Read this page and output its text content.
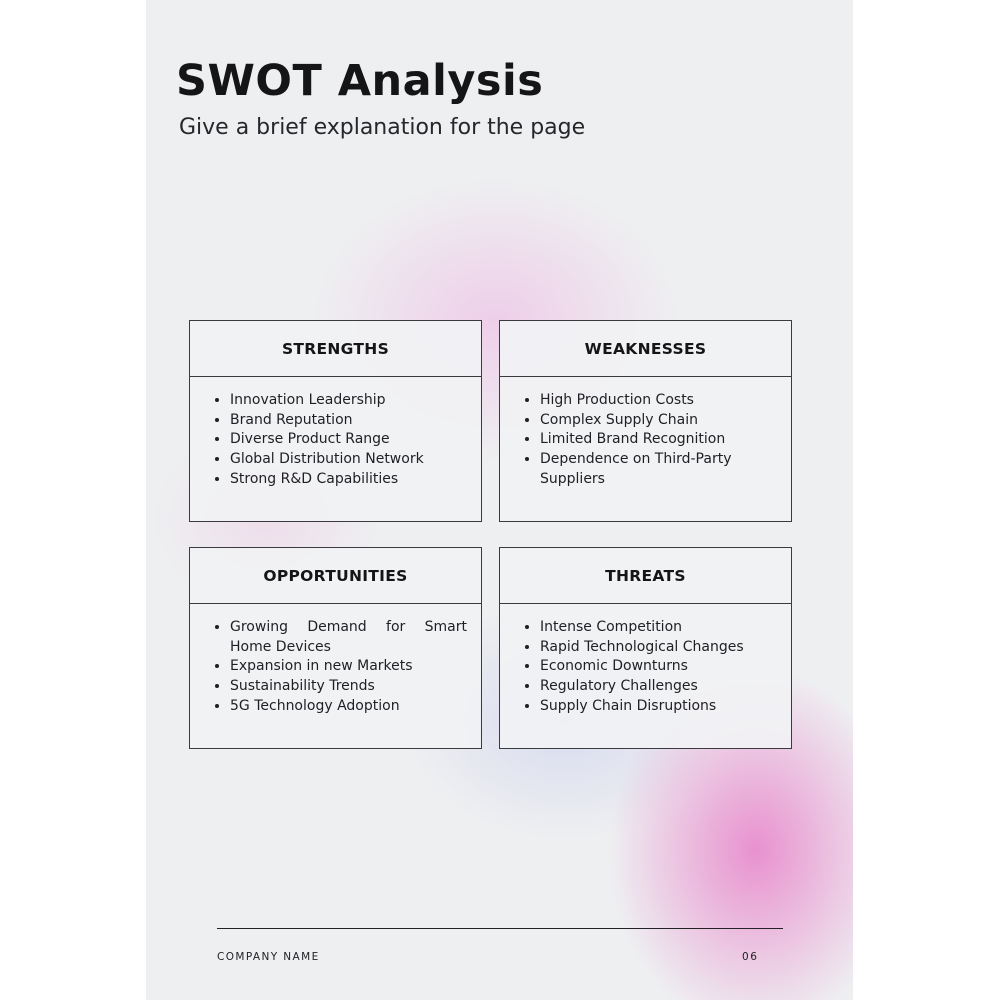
SWOT Analysis

Give a brief explanation for the page

STRENGTHS
• Innovation Leadership
• Brand Reputation
• Diverse Product Range
• Global Distribution Network
• Strong R&D Capabilities
WEAKNESSES
• High Production Costs
• Complex Supply Chain
• Limited Brand Recognition
• Dependence on Third-Party Suppliers
OPPORTUNITIES
• Growing Demand for Smart Home Devices
• Expansion in new Markets
• Sustainability Trends
• 5G Technology Adoption
THREATS
• Intense Competition
• Rapid Technological Changes
• Economic Downturns
• Regulatory Challenges
• Supply Chain Disruptions
COMPANY NAME	06
